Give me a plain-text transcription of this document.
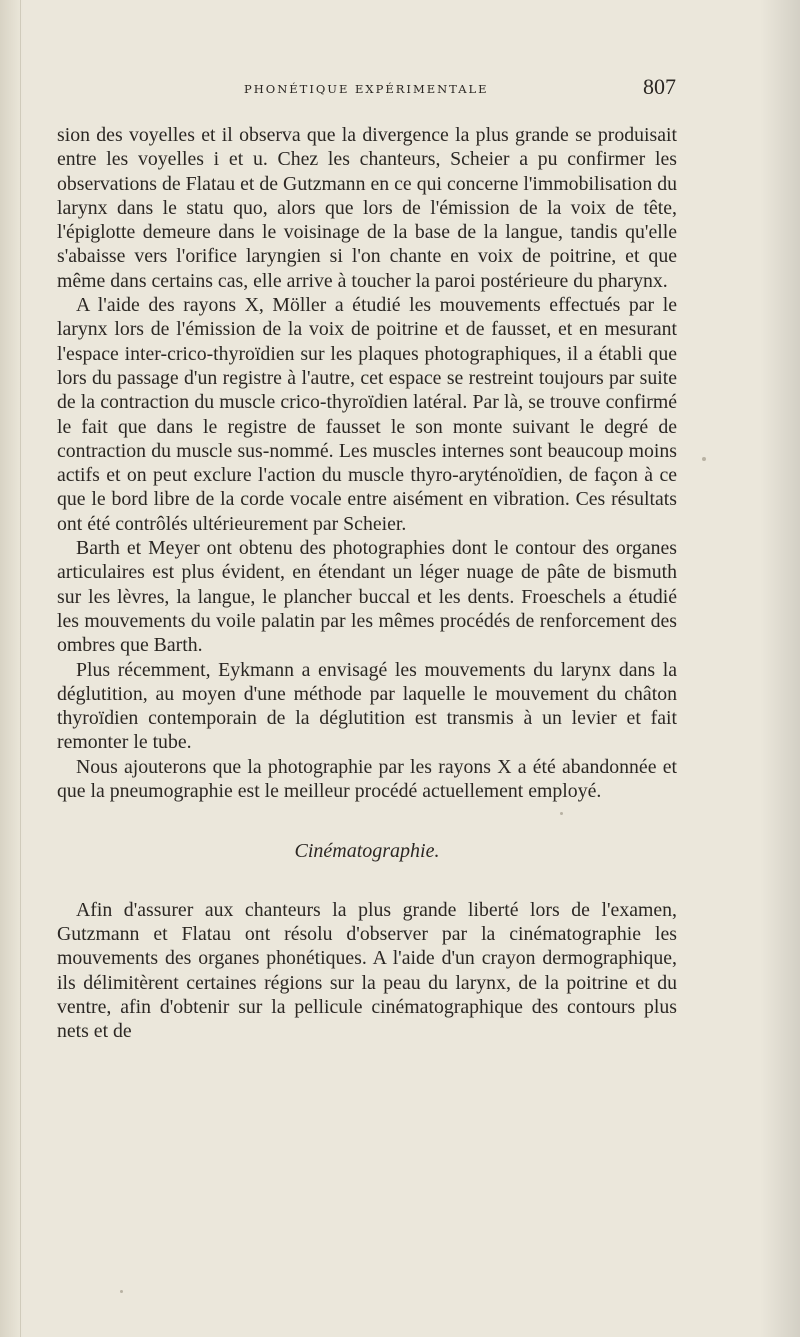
PHONÉTIQUE EXPÉRIMENTALE	807

sion des voyelles et il observa que la divergence la plus grande se produisait entre les voyelles i et u. Chez les chanteurs, Scheier a pu confirmer les observations de Flatau et de Gutzmann en ce qui concerne l'immobilisation du larynx dans le statu quo, alors que lors de l'émission de la voix de tête, l'épiglotte demeure dans le voisinage de la base de la langue, tandis qu'elle s'abaisse vers l'orifice laryngien si l'on chante en voix de poitrine, et que même dans certains cas, elle arrive à toucher la paroi postérieure du pharynx.

A l'aide des rayons X, Möller a étudié les mouvements effectués par le larynx lors de l'émission de la voix de poitrine et de fausset, et en mesurant l'espace inter-crico-thyroïdien sur les plaques photographiques, il a établi que lors du passage d'un registre à l'autre, cet espace se restreint toujours par suite de la contraction du muscle crico-thyroïdien latéral. Par là, se trouve confirmé le fait que dans le registre de fausset le son monte suivant le degré de contraction du muscle sus-nommé. Les muscles internes sont beaucoup moins actifs et on peut exclure l'action du muscle thyro-aryténoïdien, de façon à ce que le bord libre de la corde vocale entre aisément en vibration. Ces résultats ont été contrôlés ultérieurement par Scheier.

Barth et Meyer ont obtenu des photographies dont le contour des organes articulaires est plus évident, en étendant un léger nuage de pâte de bismuth sur les lèvres, la langue, le plancher buccal et les dents. Froeschels a étudié les mouvements du voile palatin par les mêmes procédés de renforcement des ombres que Barth.

Plus récemment, Eykmann a envisagé les mouvements du larynx dans la déglutition, au moyen d'une méthode par laquelle le mouvement du châton thyroïdien contemporain de la déglutition est transmis à un levier et fait remonter le tube.

Nous ajouterons que la photographie par les rayons X a été abandonnée et que la pneumographie est le meilleur procédé actuellement employé.

Cinématographie.

Afin d'assurer aux chanteurs la plus grande liberté lors de l'examen, Gutzmann et Flatau ont résolu d'observer par la cinématographie les mouvements des organes phonétiques. A l'aide d'un crayon dermographique, ils délimitèrent certaines régions sur la peau du larynx, de la poitrine et du ventre, afin d'obtenir sur la pellicule cinématographique des contours plus nets et de
